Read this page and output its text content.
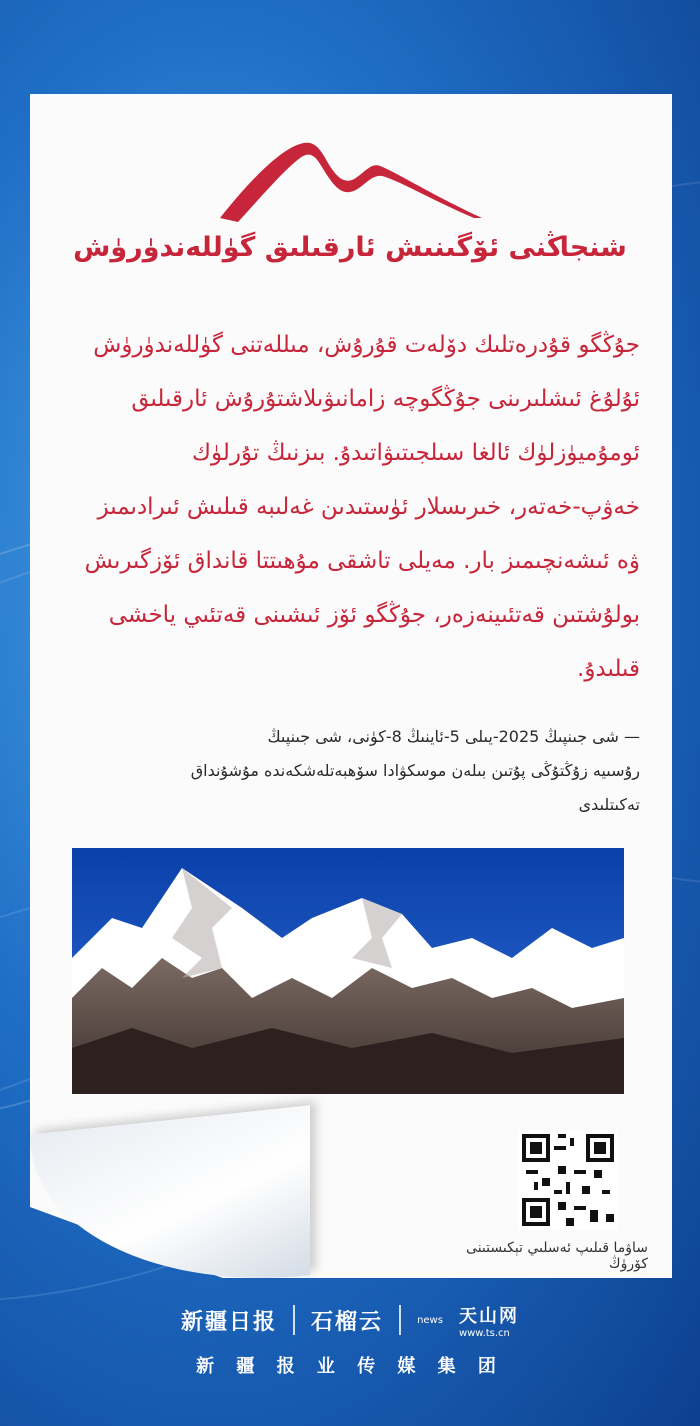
شنجاڭنى ئۆگىنىش ئارقىلىق گۈللەندۈرۈش

جۇڭگو قۇدرەتلىك دۆلەت قۇرۇش، مىللەتنى گۈللەندۈرۈش
ئۇلۇغ ئىشلىرىنى جۇڭگوچە زامانىۋىلاشتۇرۇش ئارقىلىق
ئومۇميۈزلۈك ئالغا سىلجىتىۋاتىدۇ. بىزنىڭ تۇرلۈك
خەۋپ-خەتەر، خىرىسلار ئۈستىدىن غەلىبە قىلىش ئىرادىمىز
ۋە ئىشەنچىمىز بار. مەيلى تاشقى مۇھىتتا قانداق ئۆزگىرىش
بولۇشتىن قەتئىينەزەر، جۇڭگو ئۆز ئىشىنى قەتئىي ياخشى
قىلىدۇ.

— شى جىنپىڭ 2025-يىلى 5-ئاينىڭ 8-كۈنى، شى جىنپىڭ
رۇسىيە زۇڭتۇڭى پۇتىن بىلەن موسكۋادا سۆھبەتلەشكەندە مۇشۇنداق
تەكىتلىدى
ساۋما قىلىپ ئەسلىي تېكىستىنى كۆرۈڭ
新疆日报 石榴云	news 天山网
www.ts.cn
新 疆 报 业 传 媒 集 团
